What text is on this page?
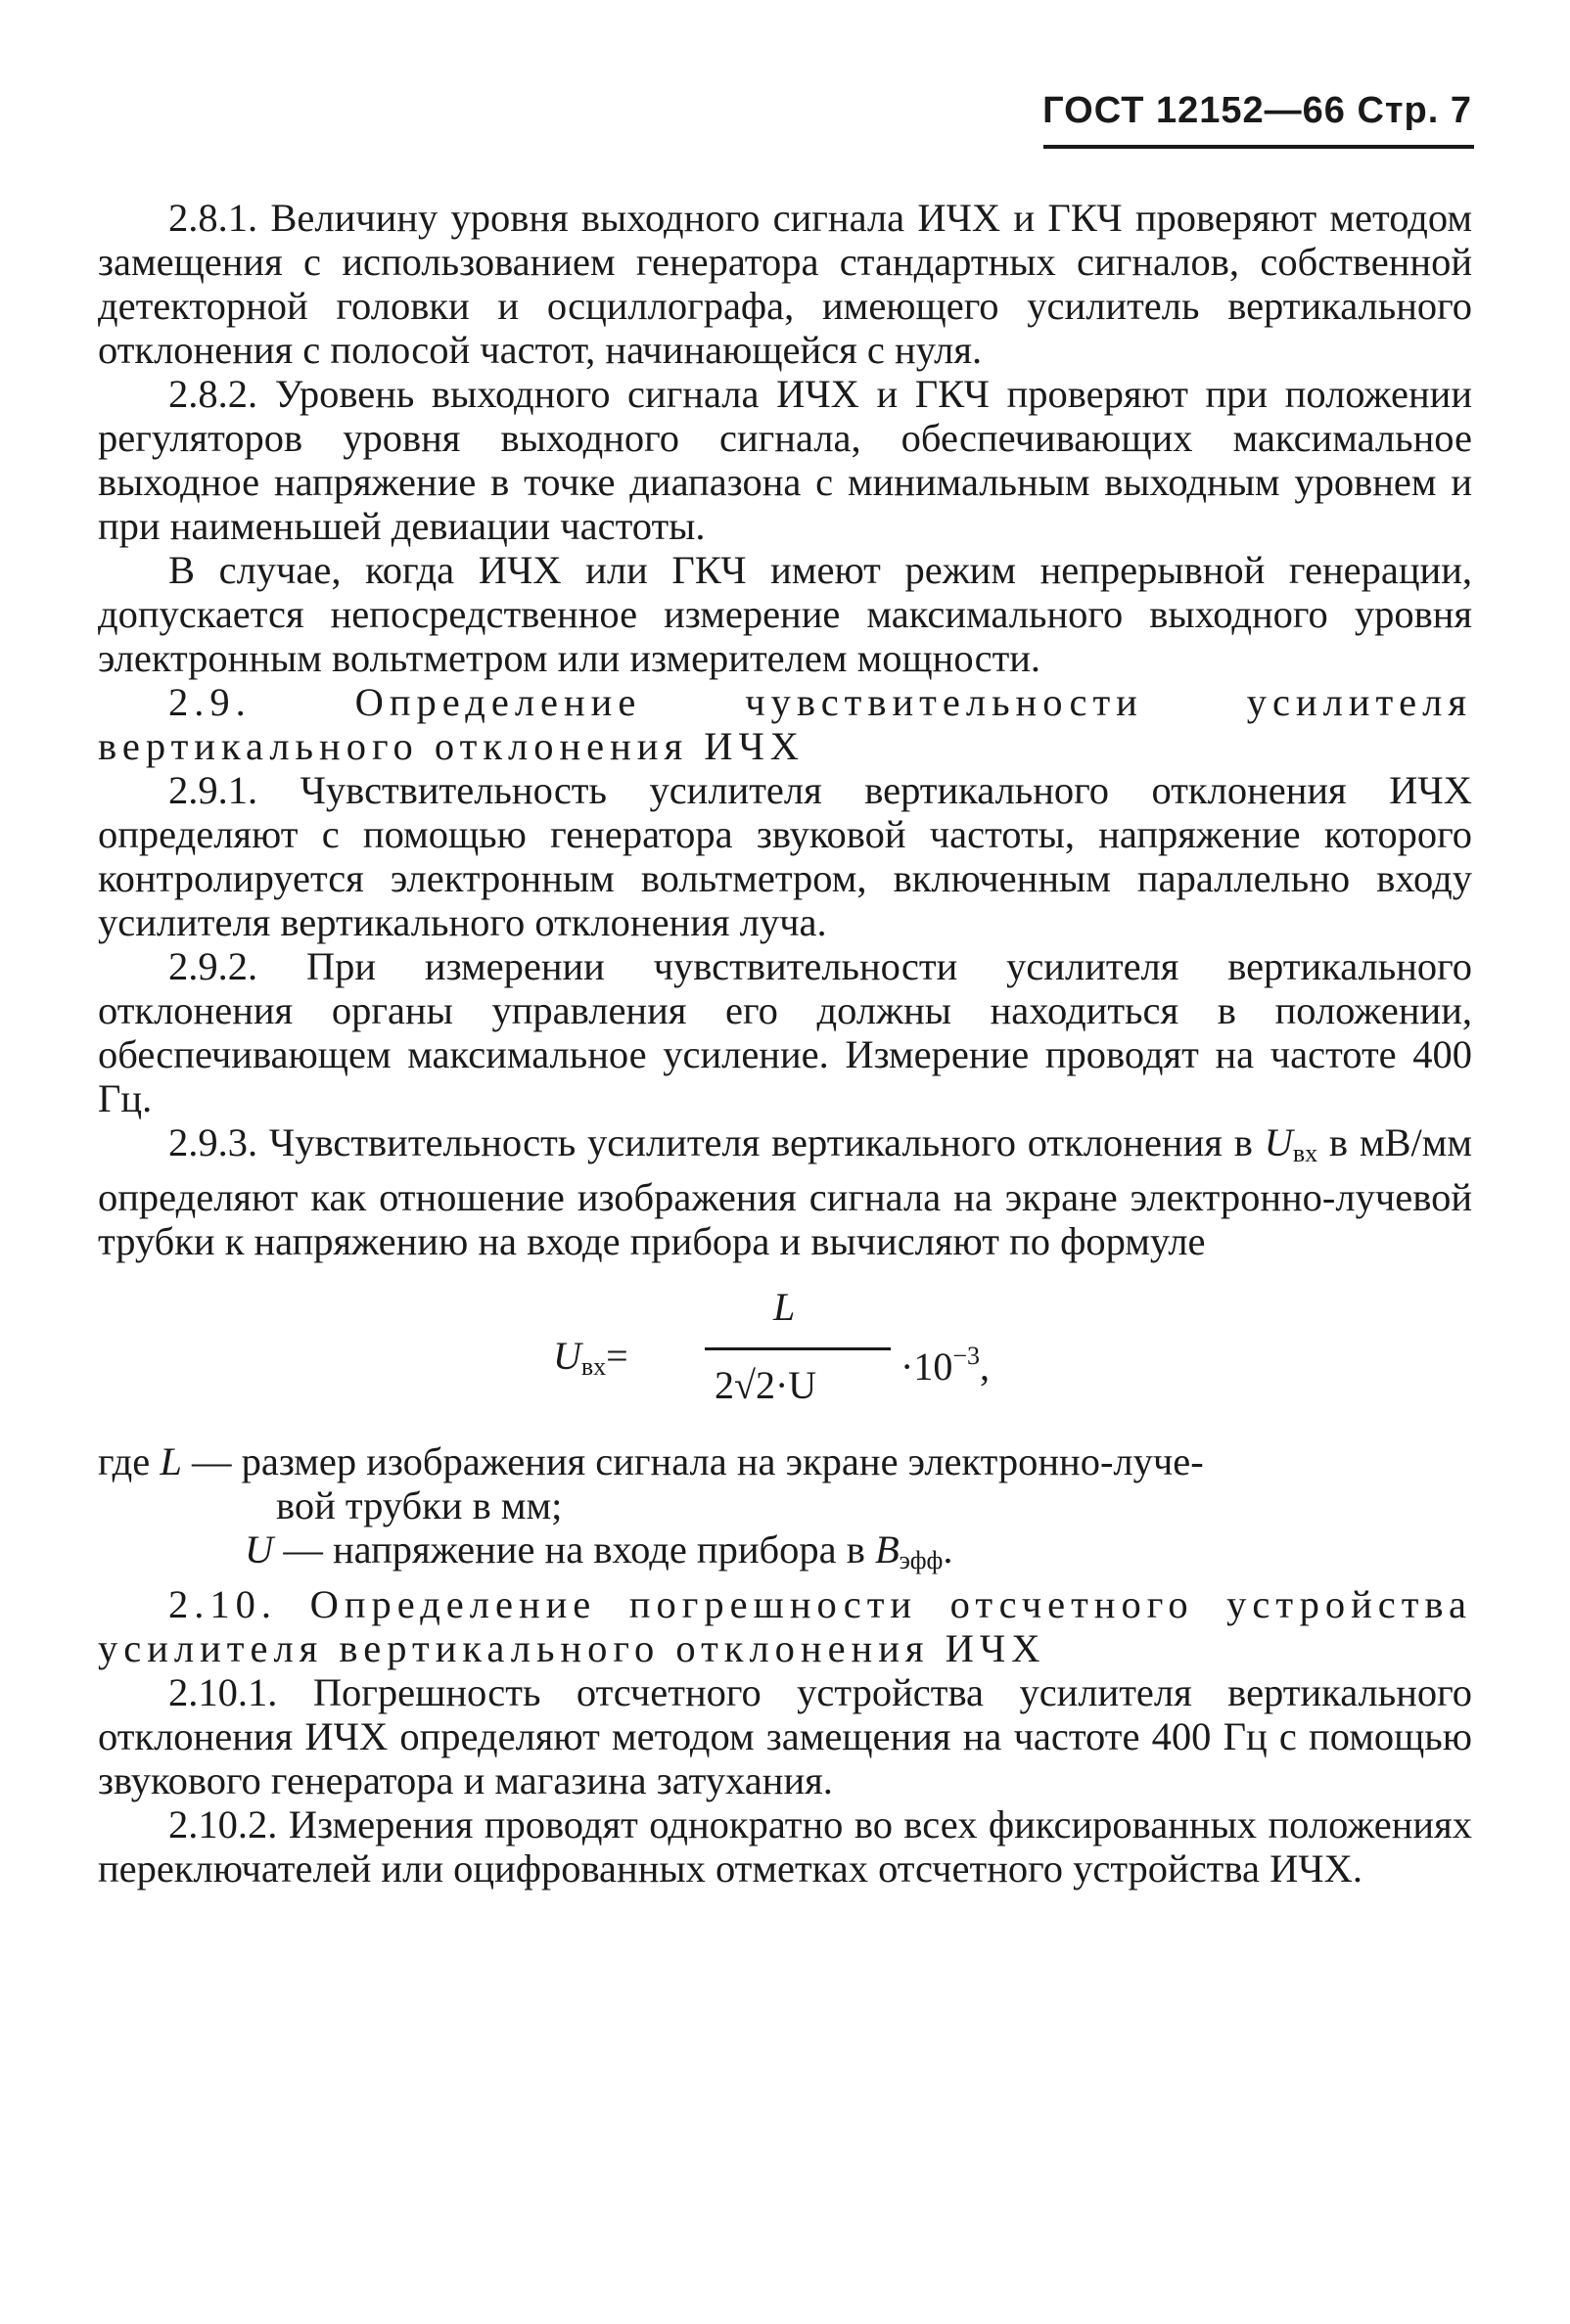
ГОСТ 12152—66 Стр. 7

2.8.1. Величину уровня выходного сигнала ИЧХ и ГКЧ проверяют методом замещения с использованием генератора стандартных сигналов, собственной детекторной головки и осциллографа, имеющего усилитель вертикального отклонения с полосой частот, начинающейся с нуля.

2.8.2. Уровень выходного сигнала ИЧХ и ГКЧ проверяют при положении регуляторов уровня выходного сигнала, обеспечивающих максимальное выходное напряжение в точке диапазона с минимальным выходным уровнем и при наименьшей девиации частоты.

В случае, когда ИЧХ или ГКЧ имеют режим непрерывной генерации, допускается непосредственное измерение максимального выходного уровня электронным вольтметром или измерителем мощности.

2.9. Определение чувствительности усилителя вертикального отклонения ИЧХ

2.9.1. Чувствительность усилителя вертикального отклонения ИЧХ определяют с помощью генератора звуковой частоты, напряжение которого контролируется электронным вольтметром, включенным параллельно входу усилителя вертикального отклонения луча.

2.9.2. При измерении чувствительности усилителя вертикального отклонения органы управления его должны находиться в положении, обеспечивающем максимальное усиление. Измерение проводят на частоте 400 Гц.

2.9.3. Чувствительность усилителя вертикального отклонения в $U_{вх}$ в мВ/мм определяют как отношение изображения сигнала на экране электронно-лучевой трубки к напряжению на входе прибора и вычисляют по формуле

$U_{вх}=$
L
$2√2\cdot U \cdot 10^{-3}$,
где L — размер изображения сигнала на экране электронно-луче-
вой трубки в мм;
U — напряжение на входе прибора в $B_{эфф}$.

2.10. Определение погрешности отсчетного устройства усилителя вертикального отклонения ИЧХ

2.10.1. Погрешность отсчетного устройства усилителя вертикального отклонения ИЧХ определяют методом замещения на частоте 400 Гц с помощью звукового генератора и магазина затухания.

2.10.2. Измерения проводят однократно во всех фиксированных положениях переключателей или оцифрованных отметках отсчетного устройства ИЧХ.
